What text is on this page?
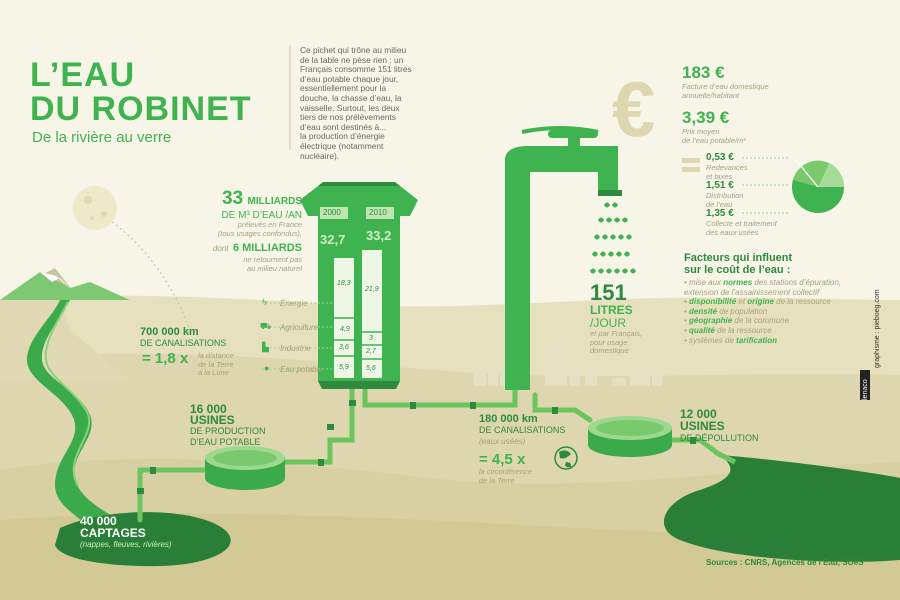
€
L’EAU
DU ROBINET

De la rivière au verre

Ce pichet qui trône au milieu
de la table ne pèse rien : un
Français consomme 151 litres
d’eau potable chaque jour,
essentiellement pour la
douche, la chasse d’eau, la
vaisselle. Surtout, les deux
tiers de nos prélèvements
d’eau sont destinés à...
la production d’énergie
électrique (notamment
nucléaire).
33 MILLIARDS
DE M³ D’EAU /AN
prélevés en France
(tous usages confondus),
dont 6 MILLIARDS
ne retournent pas
au milieu naturel
2000	2010
32,7 33,2
18,3
21,9
4,9
3
3,6
2,7
5,9 5,6
ϟ Énergie
⛟ Agriculture
▙ Industrie
● Eau potable
700 000 km
DE CANALISATIONS
= 1,8 x la distance
de la Terre
à la Lune
16 000
USINES
DE PRODUCTION
D’EAU POTABLE
40 000
CAPTAGES
(nappes, fleuves, rivières)
151
LITRES
/JOUR
et par Français,
pour usage
domestique
180 000 km
DE CANALISATIONS
(eaux usées)
= 4,5 x
la circonférence
de la Terre
12 000
USINES
DE DÉPOLLUTION
183 €
Facture d’eau domestique
annuelle/habitant
3,39 €
Prix moyen
de l’eau potable/m³
0,53 €
Redevances
et taxes
1,51 €
Distribution
de l’eau
1,35 €
Collecte et traitement
des eaux usées
Facteurs qui influent
sur le coût de l’eau :
• mise aux normes des stations d’épuration,
extension de l’assainissement collectif
• disponibilité et origine de la ressource
• densité de population
• géographie de la commune
• qualité de la ressource
• systèmes de tarification
lenaco
graphisme : pieboeg.com
Sources : CNRS, Agences de l’Eau, SOeS
